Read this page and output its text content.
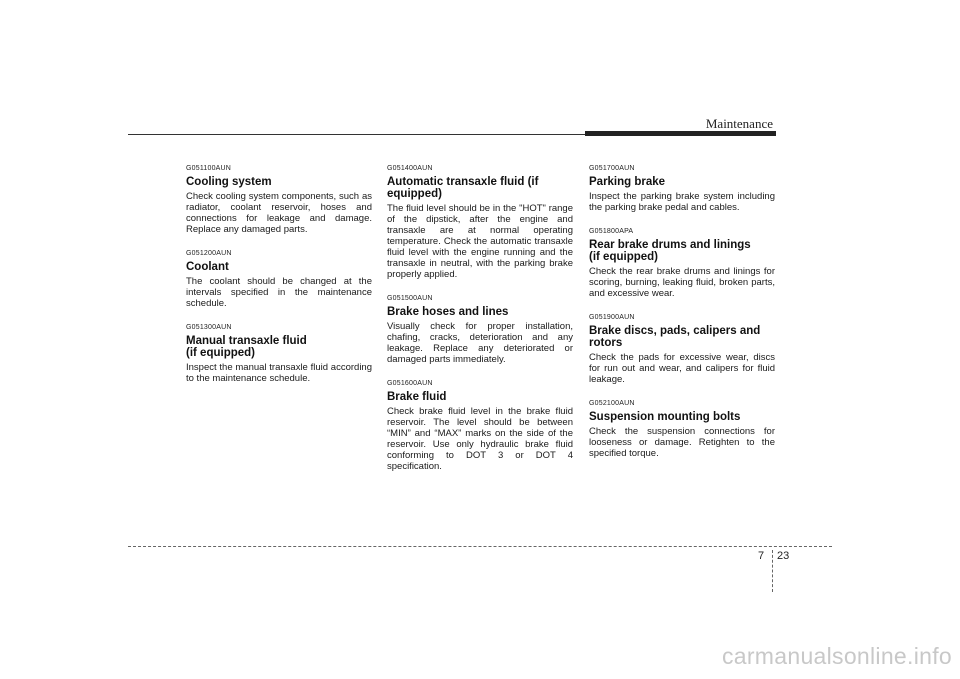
Maintenance
G051100AUN
Cooling system

Check cooling system components, such as radiator, coolant reservoir, hoses and connections for leakage and damage. Replace any damaged parts.

G051200AUN
Coolant

The coolant should be changed at the intervals specified in the maintenance schedule.

G051300AUN
Manual transaxle fluid (if equipped)

Inspect the manual transaxle fluid according to the maintenance schedule.

G051400AUN
Automatic transaxle fluid (if equipped)

The fluid level should be in the "HOT" range of the dipstick, after the engine and transaxle are at normal operating temperature. Check the automatic transaxle fluid level with the engine running and the transaxle in neutral, with the parking brake properly applied.

G051500AUN
Brake hoses and lines

Visually check for proper installation, chafing, cracks, deterioration and any leakage. Replace any deteriorated or damaged parts immediately.

G051600AUN
Brake fluid

Check brake fluid level in the brake fluid reservoir. The level should be between “MIN” and “MAX” marks on the side of the reservoir. Use only hydraulic brake fluid conforming to DOT 3 or DOT 4 specification.

G051700AUN
Parking brake

Inspect the parking brake system including the parking brake pedal and cables.

G051800APA
Rear brake drums and linings (if equipped)

Check the rear brake drums and linings for scoring, burning, leaking fluid, broken parts, and excessive wear.

G051900AUN
Brake discs, pads, calipers and rotors

Check the pads for excessive wear, discs for run out and wear, and calipers for fluid leakage.

G052100AUN
Suspension mounting bolts

Check the suspension connections for looseness or damage. Retighten to the specified torque.

7 23
carmanualsonline.info
